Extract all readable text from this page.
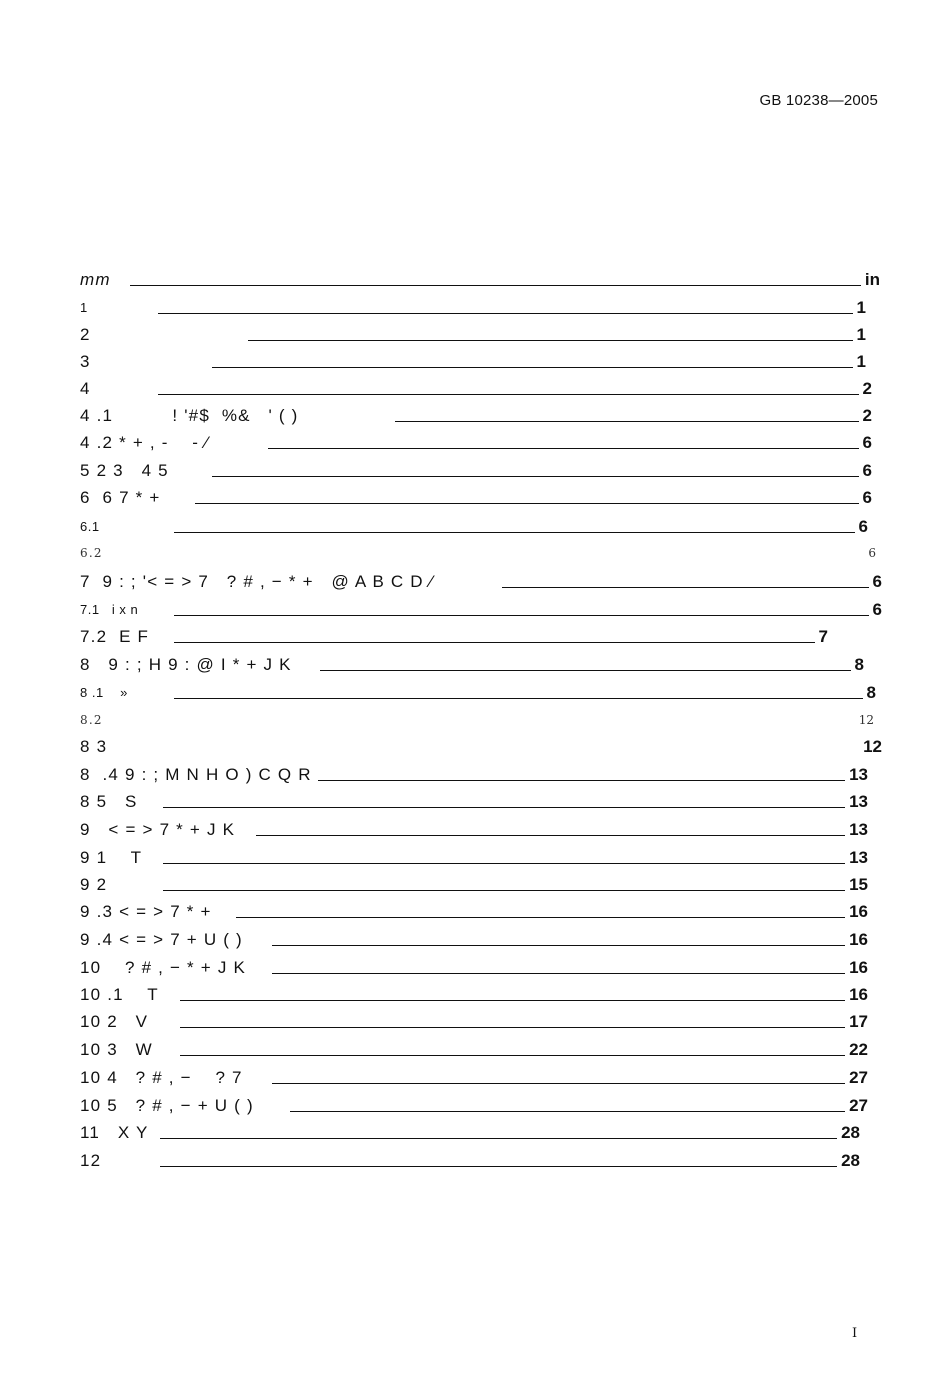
GB 10238—2005
mm	in
1	1
2	1
3	1
4	2
4 .1          ! '#$  %&   ' ( )	2
4 .2 * + , -    - ⁄	6
5 2 3   4 5	6
6  6 7 * +	6
6.1	6
6.2	6
7  9 : ; '< = > 7   ? # , − * +   @ A B C D ⁄	6
7.1   i x n	6
7.2  E F	7
8   9 : ; H 9 : @ I * + J K	8
8 .1    »	8
8.2	12
8 3	12
8  .4 9 : ; M N H O ) C Q R	13
8 5   S	13
9   < = > 7 * + J K	13
9 1    T	13
9 2	15
9 .3 < = > 7 * +	16
9 .4 < = > 7 + U ( )	16
10    ? # , − * + J K	16
10 .1    T	16
10 2   V	17
10 3   W	22
10 4   ? # , −    ? 7	27
10 5   ? # , − + U ( )	27
11   X Y	28
12	28
I
